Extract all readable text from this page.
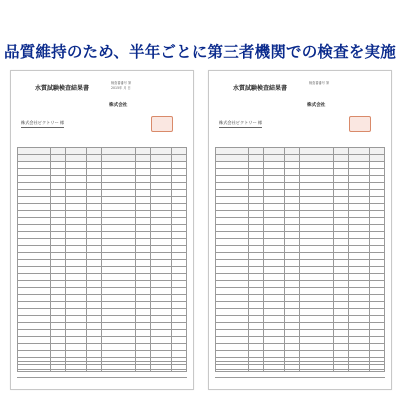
品質維持のため、半年ごとに第三者機関での検査を実施
水質試験検査結果書
検査書番号 第
2015年 月 日
株式会社
株式会社ビクトリー 様

水質試験検査結果書
検査書番号 第
株式会社
株式会社ビクトリー 様
